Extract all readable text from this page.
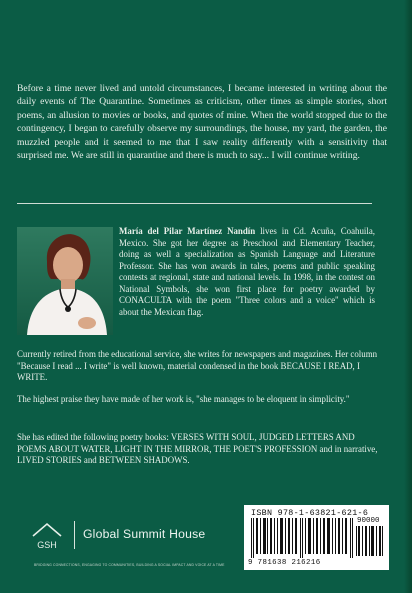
Before a time never lived and untold circumstances, I became interested in writing about the daily events of The Quarantine. Sometimes as criticism, other times as simple stories, short poems, an allusion to movies or books, and quotes of mine. When the world stopped due to the contingency, I began to carefully observe my surroundings, the house, my yard, the garden, the muzzled people and it seemed to me that I saw reality differently with a sensitivity that surprised me. We are still in quarantine and there is much to say... I will continue writing.

María del Pilar Martínez Nandín lives in Cd. Acuña, Coahuila, Mexico. She got her degree as Preschool and Elementary Teacher, doing as well a specialization as Spanish Language and Literature Professor. She has won awards in tales, poems and public speaking contests at regional, state and national levels. In 1998, in the contest on National Symbols, she won first place for poetry awarded by CONACULTA with the poem "Three colors and a voice" which is about the Mexican flag.

Currently retired from the educational service, she writes for newspapers and magazines. Her column "Because I read ... I write" is well known, material condensed in the book BECAUSE I READ, I WRITE.

The highest praise they have made of her work is, "she manages to be eloquent in simplicity."

She has edited the following poetry books: VERSES WITH SOUL, JUDGED LETTERS AND POEMS ABOUT WATER, LIGHT IN THE MIRROR, THE POET'S PROFESSION and in narrative, LIVED STORIES and BETWEEN SHADOWS.

GSH
Global Summit House
BRIDGING CONNECTIONS, ENGAGING TO COMMUNITIES, BUILDING A SOCIAL IMPACT AND VOICE AT A TIME
ISBN 978-1-63821-621-6
90000
9 781638 216216
